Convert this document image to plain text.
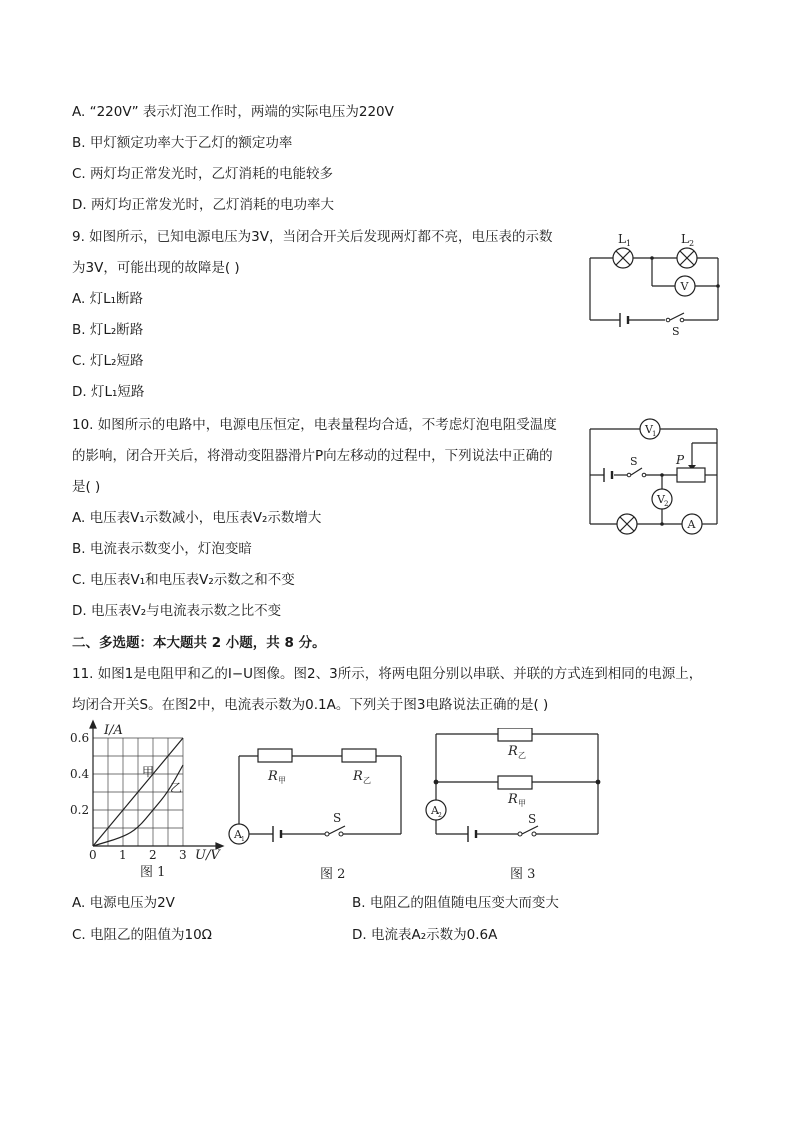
A. “220V” 表示灯泡工作时，两端的实际电压为220V
B. 甲灯额定功率大于乙灯的额定功率
C. 两灯均正常发光时，乙灯消耗的电能较多
D. 两灯均正常发光时，乙灯消耗的电功率大
9. 如图所示，已知电源电压为3V，当闭合开关后发现两灯都不亮，电压表的示数
为3V，可能出现的故障是( )
A. 灯L₁断路
B. 灯L₂断路
C. 灯L₂短路
D. 灯L₁短路
L 1	L 2
V
S
10. 如图所示的电路中，电源电压恒定，电表量程均合适，不考虑灯泡电阻受温度
的影响，闭合开关后，将滑动变阻器滑片P向左移动的过程中，下列说法中正确的
是( )
A. 电压表V₁示数减小，电压表V₂示数增大
B. 电流表示数变小，灯泡变暗
C. 电压表V₁和电压表V₂示数之和不变
D. 电压表V₂与电流表示数之比不变
V 1
V 2
S	P
A
二、多选题：本大题共 2 小题，共 8 分。
11. 如图1是电阻甲和乙的I−U图像。图2、3所示，将两电阻分别以串联、并联的方式连到相同的电源上，
均闭合开关S。在图2中，电流表示数为0.1A。下列关于图3电路说法正确的是( )
0.2
0.4
0.6
0 1 2 3
I/A
U/V
甲
乙
图 1
R 甲	R 乙
A 1
S
图 2
R 乙
R 甲
A 2	S
图 3
A. 电源电压为2V	B. 电阻乙的阻值随电压变大而变大
C. 电阻乙的阻值为10Ω	D. 电流表A₂示数为0.6A
